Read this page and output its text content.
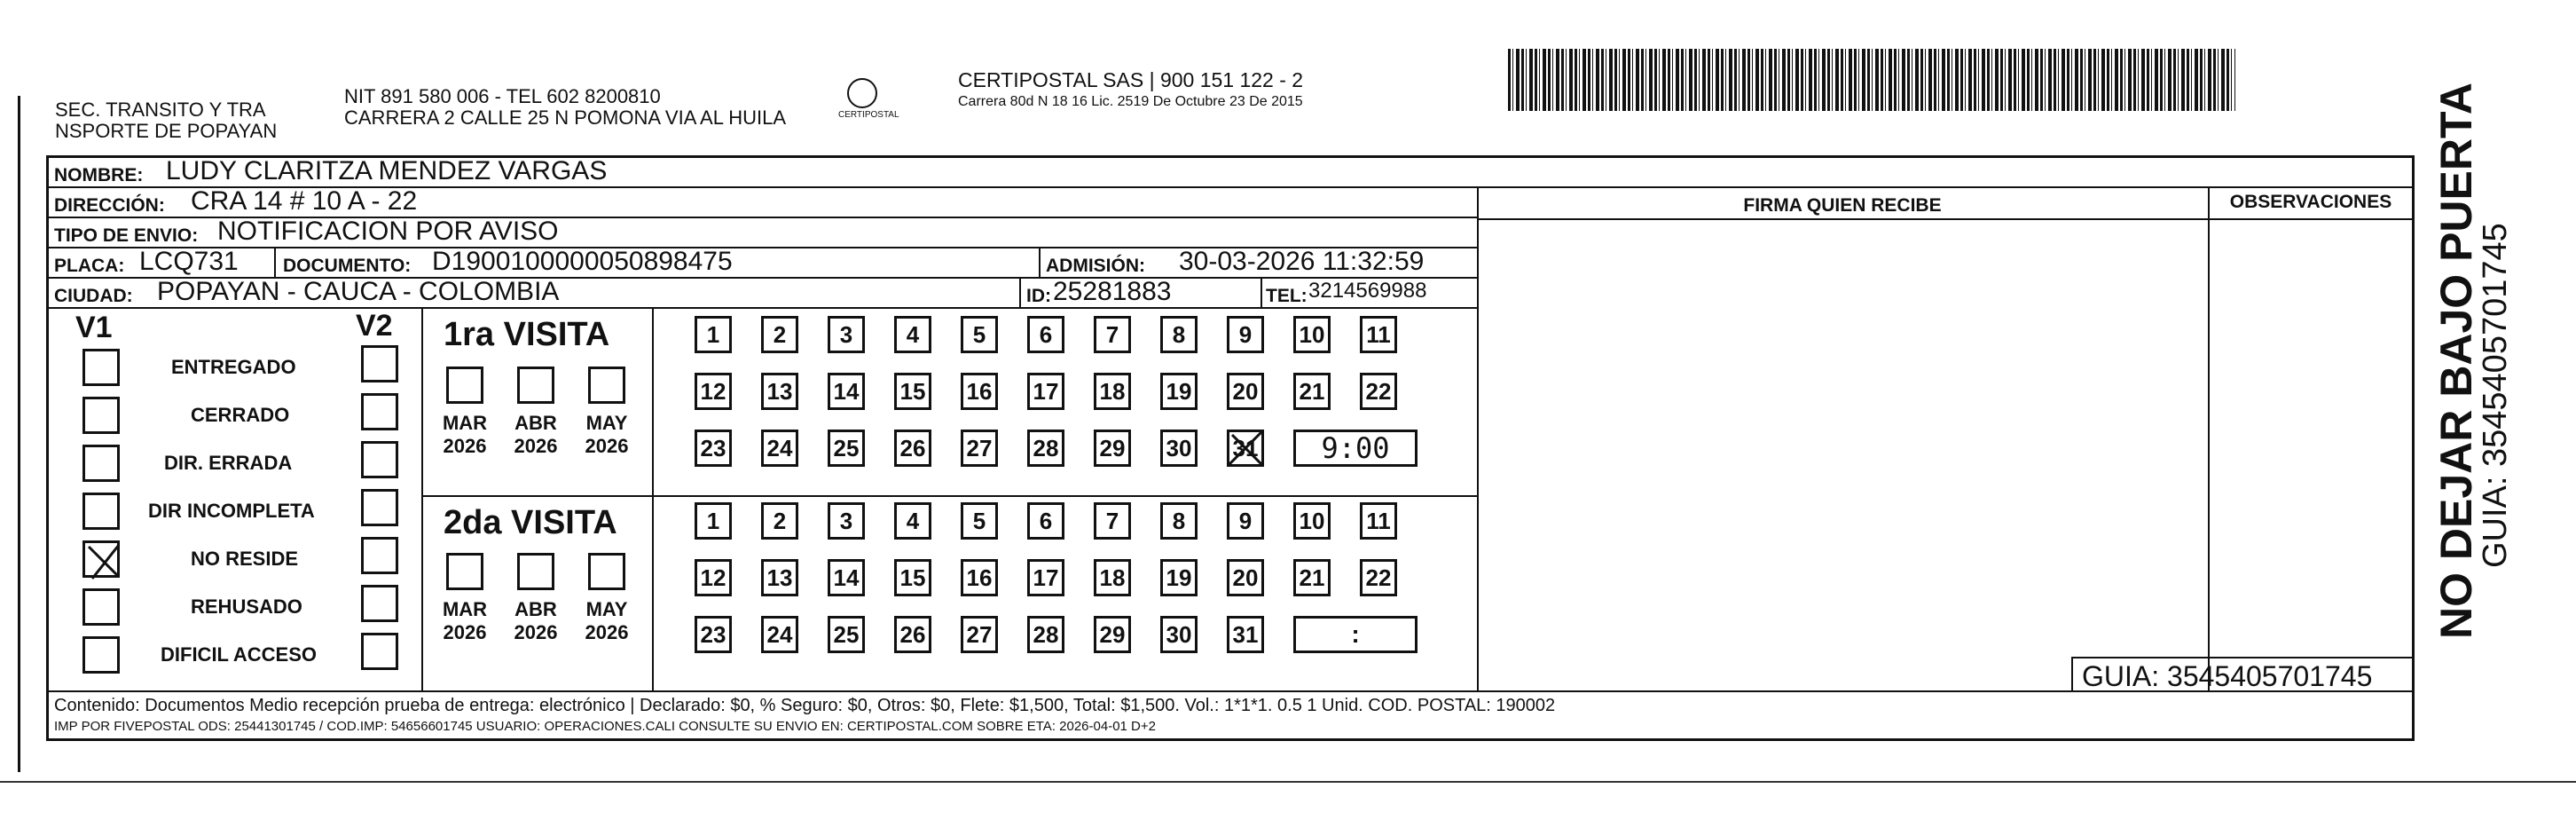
SEC. TRANSITO Y TRA
NSPORTE DE POPAYAN
NIT 891 580 006 - TEL 602 8200810
CARRERA 2 CALLE 25 N POMONA VIA AL HUILA	CERTIPOSTAL
CERTIPOSTAL SAS | 900 151 122 - 2
Carrera 80d N 18 16 Lic. 2519 De Octubre 23 De 2015
NOMBRE: LUDY CLARITZA MENDEZ VARGAS
DIRECCIÓN: CRA 14 # 10 A - 22
TIPO DE ENVIO: NOTIFICACION POR AVISO
PLACA: LCQ731 DOCUMENTO: D1900100000050898475	ADMISIÓN: 30-03-2026 11:32:59
CIUDAD: POPAYAN - CAUCA - COLOMBIA	ID: 25281883	TEL: 3214569988
FIRMA QUIEN RECIBE	OBSERVACIONES
V1	V2
ENTREGADO
CERRADO
DIR. ERRADA
DIR INCOMPLETA
NO RESIDE
REHUSADO
DIFICIL ACCESO
1ra VISITA
2da VISITA
MAR
2026
ABR
2026
MAY
2026
MAR
2026
ABR
2026
MAY
2026
1 2 3 4 5 6 7 8 9 10 11
12 13 14 15 16 17 18 19 20 21 22
23 24 25 26 27 28 29 30 31 9:00
1 2 3 4 5 6 7 8 9 10 11
12 13 14 15 16 17 18 19 20 21 22
23 24 25 26 27 28 29 30 31	:
GUIA: 3545405701745
Contenido: Documentos Medio recepción prueba de entrega: electrónico | Declarado: $0, % Seguro: $0, Otros: $0, Flete: $1,500, Total: $1,500. Vol.: 1*1*1. 0.5 1 Unid. COD. POSTAL: 190002
IMP POR FIVEPOSTAL ODS: 25441301745 / COD.IMP: 54656601745 USUARIO: OPERACIONES.CALI CONSULTE SU ENVIO EN: CERTIPOSTAL.COM SOBRE ETA: 2026-04-01 D+2
NO DEJAR BAJO PUERTA
GUIA: 3545405701745
